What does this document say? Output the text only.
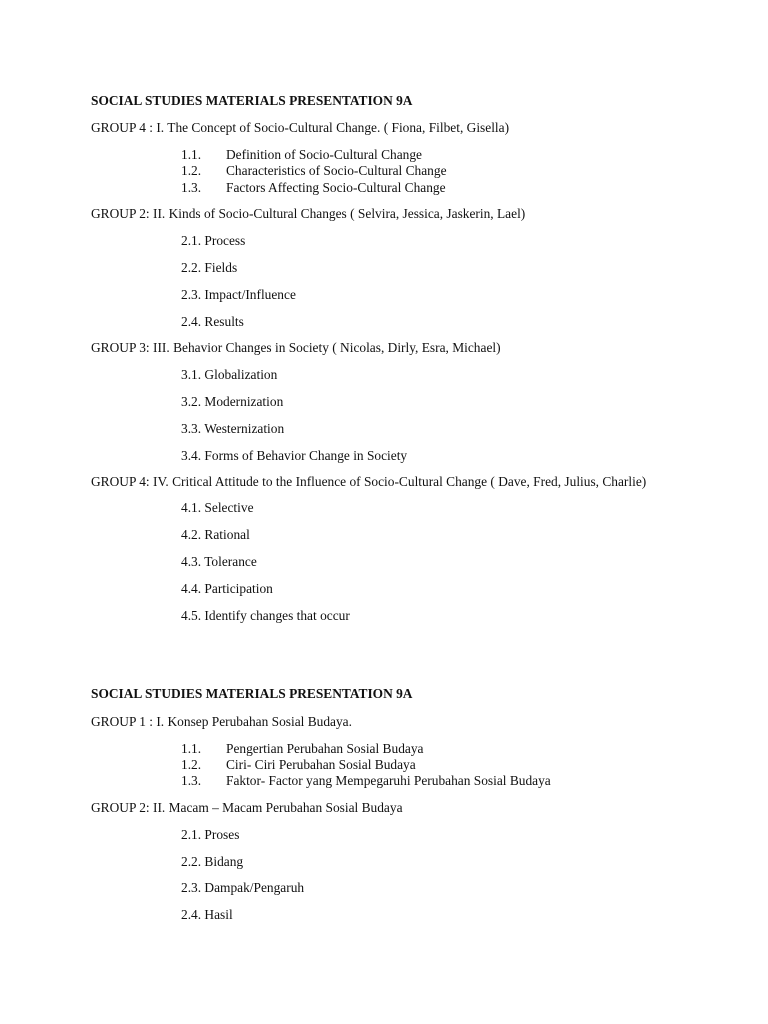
SOCIAL STUDIES MATERIALS PRESENTATION 9A
GROUP 4 : I. The Concept of Socio-Cultural Change. ( Fiona, Filbet, Gisella)
1.1. Definition of Socio-Cultural Change
1.2. Characteristics of Socio-Cultural Change
1.3. Factors Affecting Socio-Cultural Change
GROUP 2: II. Kinds of Socio-Cultural Changes ( Selvira, Jessica, Jaskerin, Lael)
2.1. Process
2.2. Fields
2.3. Impact/Influence
2.4. Results
GROUP 3: III. Behavior Changes in Society ( Nicolas, Dirly, Esra, Michael)
3.1. Globalization
3.2. Modernization
3.3. Westernization
3.4. Forms of Behavior Change in Society
GROUP 4: IV. Critical Attitude to the Influence of Socio-Cultural Change ( Dave, Fred, Julius, Charlie)
4.1. Selective
4.2. Rational
4.3. Tolerance
4.4. Participation
4.5. Identify changes that occur
SOCIAL STUDIES MATERIALS PRESENTATION 9A
GROUP 1 : I. Konsep Perubahan Sosial Budaya.
1.1. Pengertian Perubahan Sosial Budaya
1.2. Ciri- Ciri Perubahan Sosial Budaya
1.3. Faktor- Factor yang Mempegaruhi Perubahan Sosial Budaya
GROUP 2: II. Macam – Macam Perubahan Sosial Budaya
2.1. Proses
2.2. Bidang
2.3. Dampak/Pengaruh
2.4. Hasil
